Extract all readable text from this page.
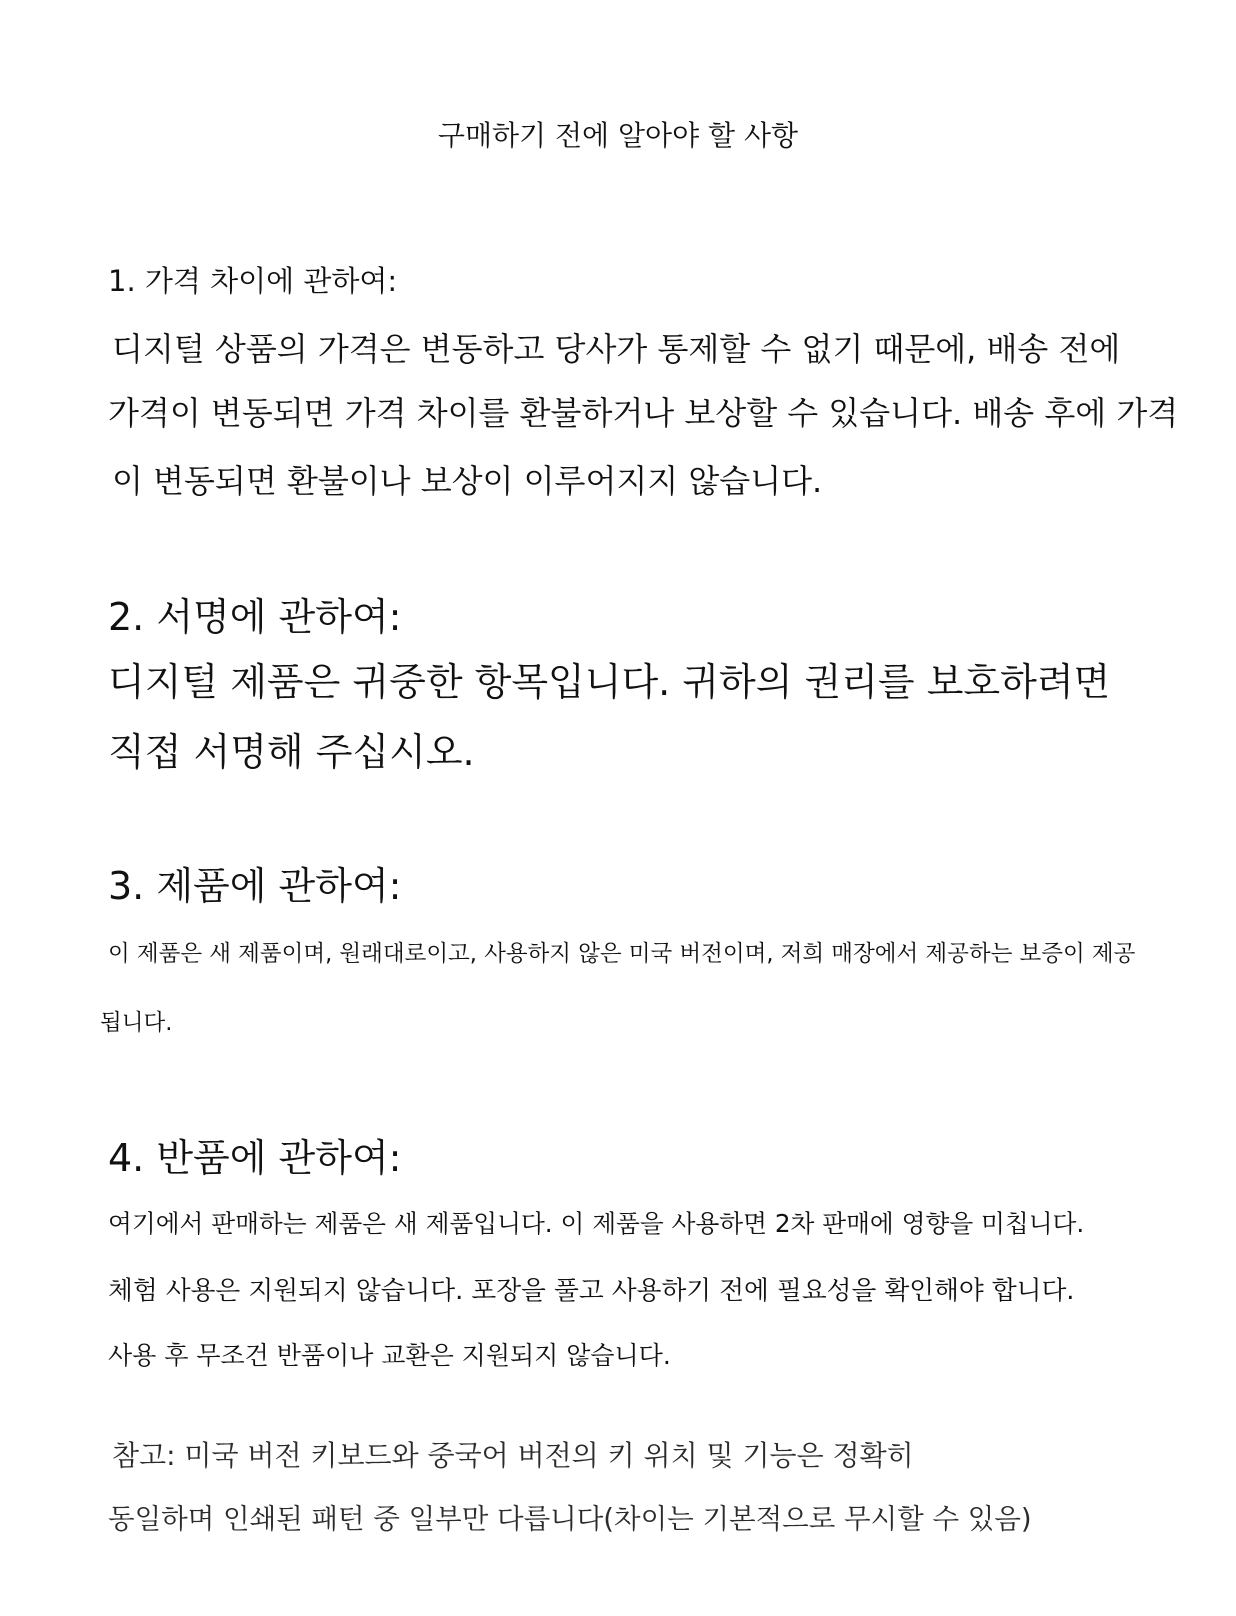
구매하기 전에 알아야 할 사항
1. 가격 차이에 관하여:
디지털 상품의 가격은 변동하고 당사가 통제할 수 없기 때문에, 배송 전에
가격이 변동되면 가격 차이를 환불하거나 보상할 수 있습니다. 배송 후에 가격
이 변동되면 환불이나 보상이 이루어지지 않습니다.
2. 서명에 관하여:
디지털 제품은 귀중한 항목입니다. 귀하의 권리를 보호하려면
직접 서명해 주십시오.
3. 제품에 관하여:
이 제품은 새 제품이며, 원래대로이고, 사용하지 않은 미국 버전이며, 저희 매장에서 제공하는 보증이 제공
됩니다.
4. 반품에 관하여:
여기에서 판매하는 제품은 새 제품입니다. 이 제품을 사용하면 2차 판매에 영향을 미칩니다.
체험 사용은 지원되지 않습니다. 포장을 풀고 사용하기 전에 필요성을 확인해야 합니다.
사용 후 무조건 반품이나 교환은 지원되지 않습니다.
참고: 미국 버전 키보드와 중국어 버전의 키 위치 및 기능은 정확히
동일하며 인쇄된 패턴 중 일부만 다릅니다(차이는 기본적으로 무시할 수 있음)
